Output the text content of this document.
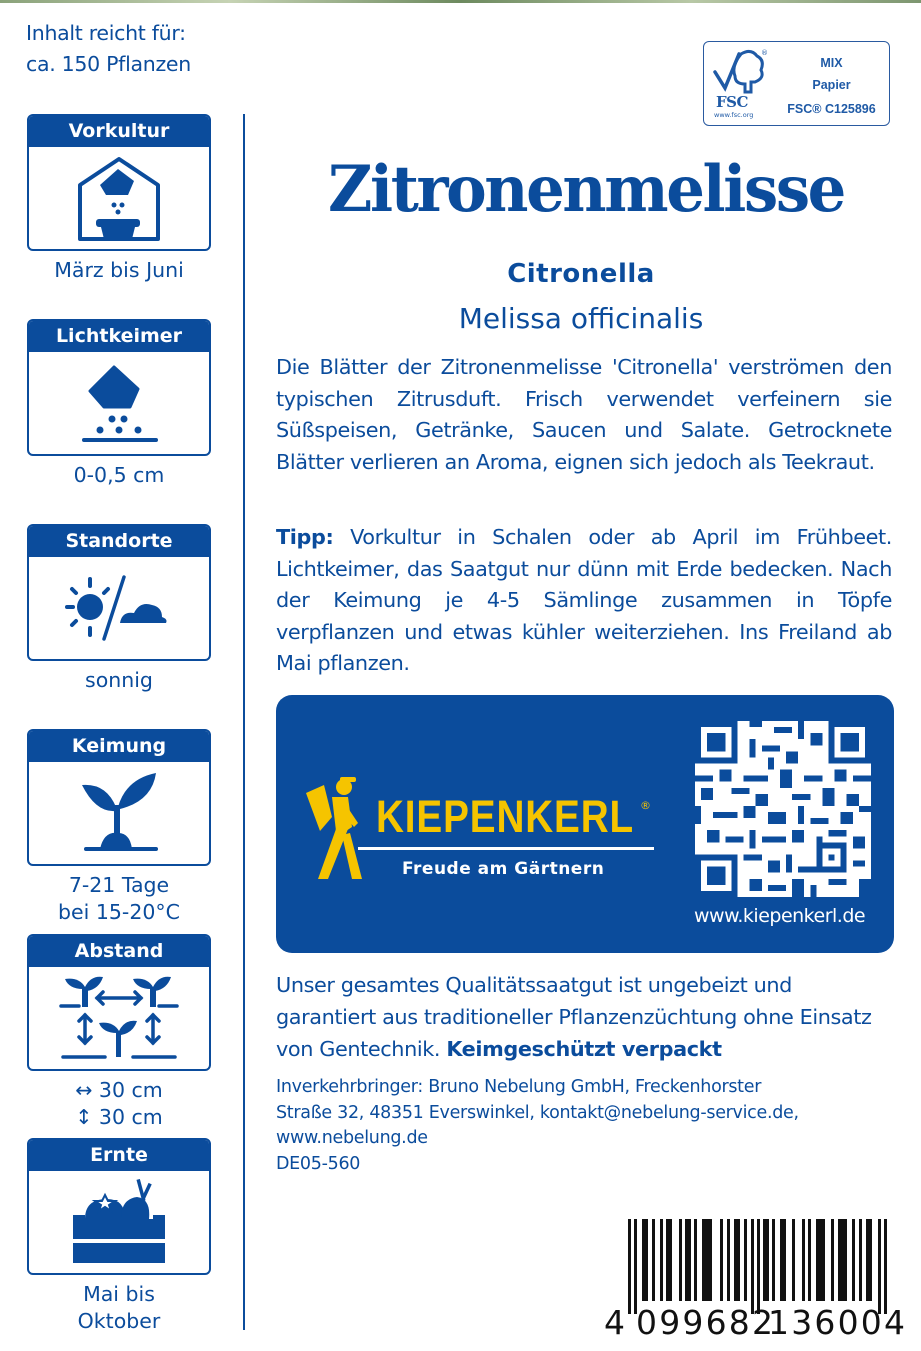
Inhalt reicht für:
ca. 150 Pflanzen
Vorkultur
März bis Juni
Lichtkeimer
0-0,5 cm
Standorte
sonnig
Keimung
7-21 Tage
bei 15-20°C
Abstand
↔ 30 cm
↕ 30 cm
Ernte
Mai bis
Oktober
®
FSC
www.fsc.org
MIX
Papier
FSC® C125896
Zitronenmelisse
Citronella
Melissa officinalis

Die Blätter der Zitronenmelisse 'Citronella' verströmen den typischen Zitrusduft. Frisch verwendet verfeinern sie Süßspeisen, Getränke, Saucen und Salate. Getrocknete Blätter verlieren an Aroma, eignen sich jedoch als Teekraut.

Tipp: Vorkultur in Schalen oder ab April im Frühbeet. Lichtkeimer, das Saatgut nur dünn mit Erde bedecken. Nach der Keimung je 4-5 Sämlinge zusammen in Töpfe verpflanzen und etwas kühler weiterziehen. Ins Freiland ab Mai pflanzen.

KIEPENKERL ®
Freude am Gärtnern
www.kiepenkerl.de

Unser gesamtes Qualitätssaatgut ist ungebeizt und garantiert aus traditioneller Pflanzenzüchtung ohne Einsatz von Gentechnik. Keimgeschützt verpackt

Inverkehrbringer: Bruno Nebelung GmbH, Freckenhorster
Straße 32, 48351 Everswinkel, kontakt@nebelung-service.de,
www.nebelung.de
DE05-560
4 099682
136004
